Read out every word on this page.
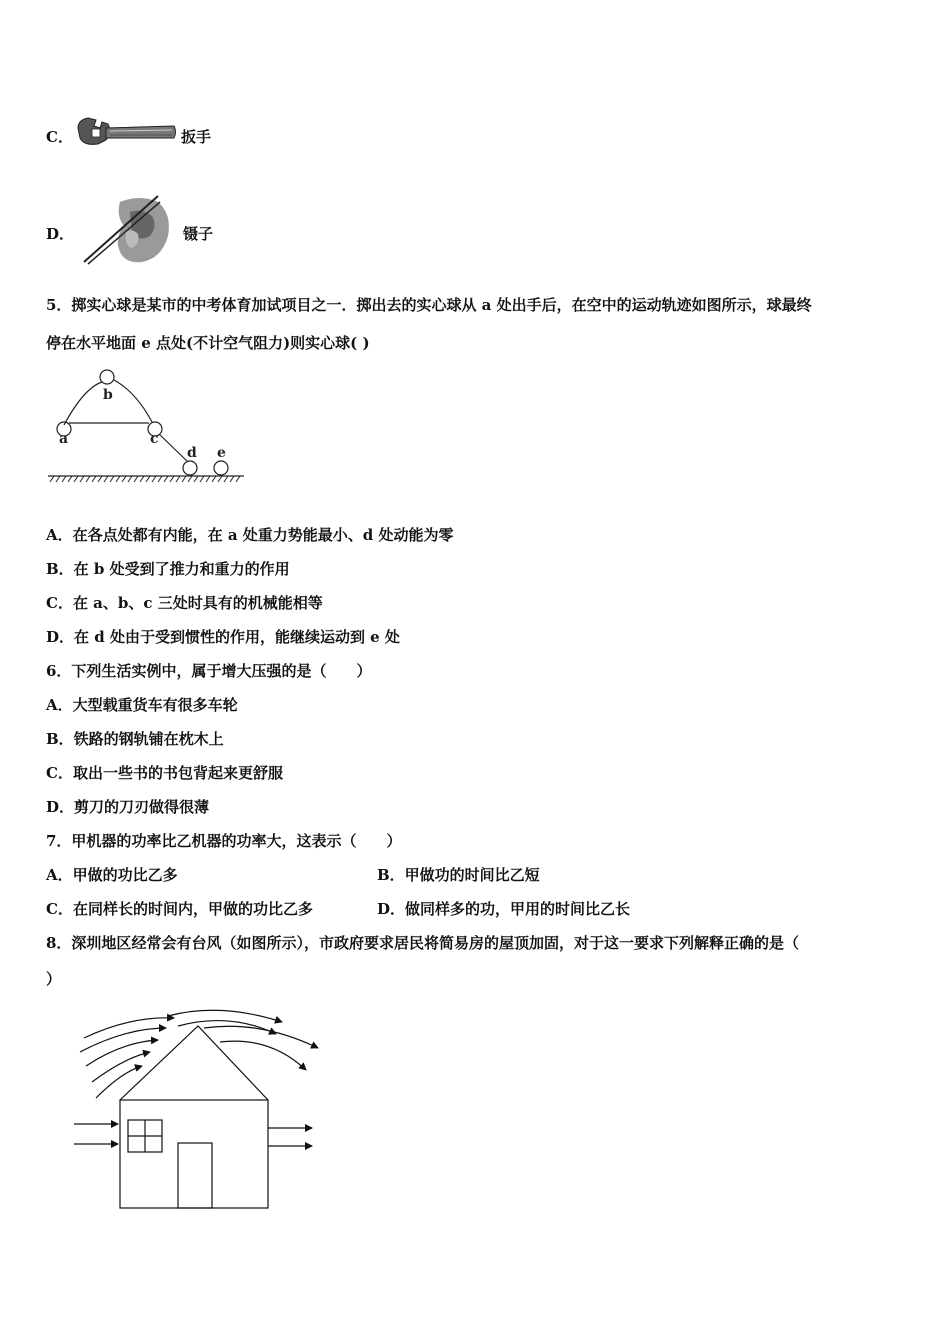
C．	扳手
D．	镊子
5．掷实心球是某市的中考体育加试项目之一．掷出去的实心球从 a 处出手后，在空中的运动轨迹如图所示，球最终
停在水平地面 e 点处(不计空气阻力)则实心球( )
b
a	c
d e
A．在各点处都有内能，在 a 处重力势能最小、d 处动能为零
B．在 b 处受到了推力和重力的作用
C．在 a、b、c 三处时具有的机械能相等
D．在 d 处由于受到惯性的作用，能继续运动到 e 处
6．下列生活实例中，属于增大压强的是（　　）
A．大型载重货车有很多车轮
B．铁路的钢轨铺在枕木上
C．取出一些书的书包背起来更舒服
D．剪刀的刀刃做得很薄
7．甲机器的功率比乙机器的功率大，这表示（　　）
A．甲做的功比乙多	B．甲做功的时间比乙短
C．在同样长的时间内，甲做的功比乙多	D．做同样多的功，甲用的时间比乙长
8．深圳地区经常会有台风（如图所示），市政府要求居民将简易房的屋顶加固，对于这一要求下列解释正确的是（
）
